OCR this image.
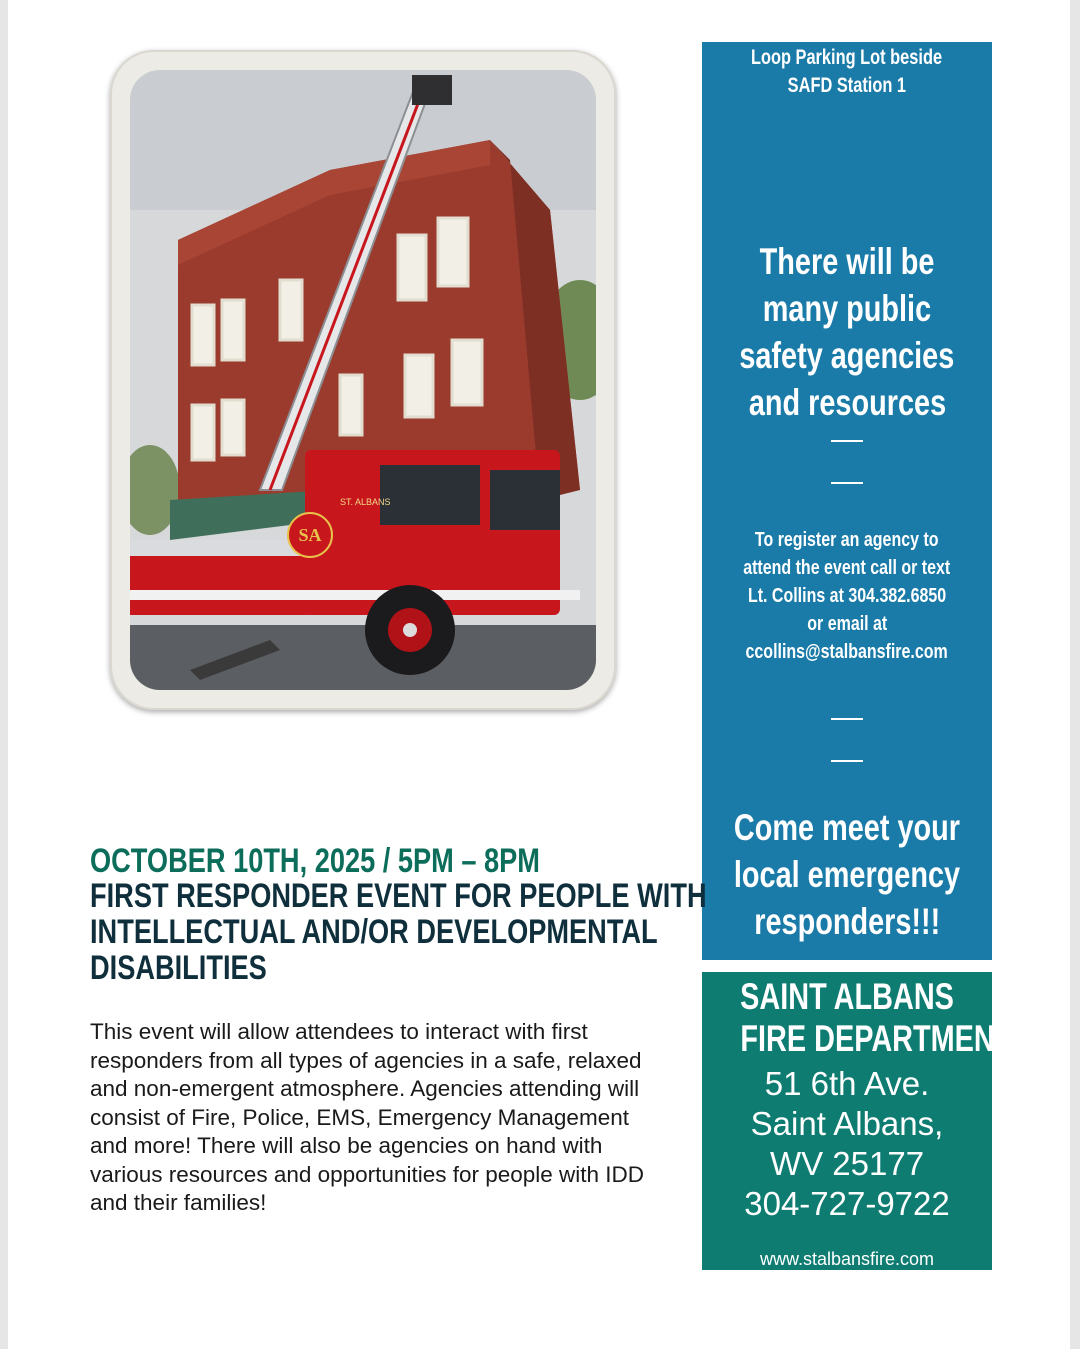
SA
ST. ALBANS
Loop Parking Lot beside
SAFD Station 1
There will be
many public
safety agencies
and resources
To register an agency to
attend the event call or text
Lt. Collins at 304.382.6850
or email at
ccollins@stalbansfire.com
Come meet your
local emergency
responders!!!
SAINT ALBANS
FIRE DEPARTMENT
51 6th Ave.
Saint Albans,
WV 25177
304-727-9722
www.stalbansfire.com
OCTOBER 10TH, 2025 / 5PM – 8PM
FIRST RESPONDER EVENT FOR PEOPLE WITH
INTELLECTUAL AND/OR DEVELOPMENTAL
DISABILITIES
This event will allow attendees to interact with first
responders from all types of agencies in a safe, relaxed
and non-emergent atmosphere. Agencies attending will
consist of Fire, Police, EMS, Emergency Management
and more! There will also be agencies on hand with
various resources and opportunities for people with IDD
and their families!
